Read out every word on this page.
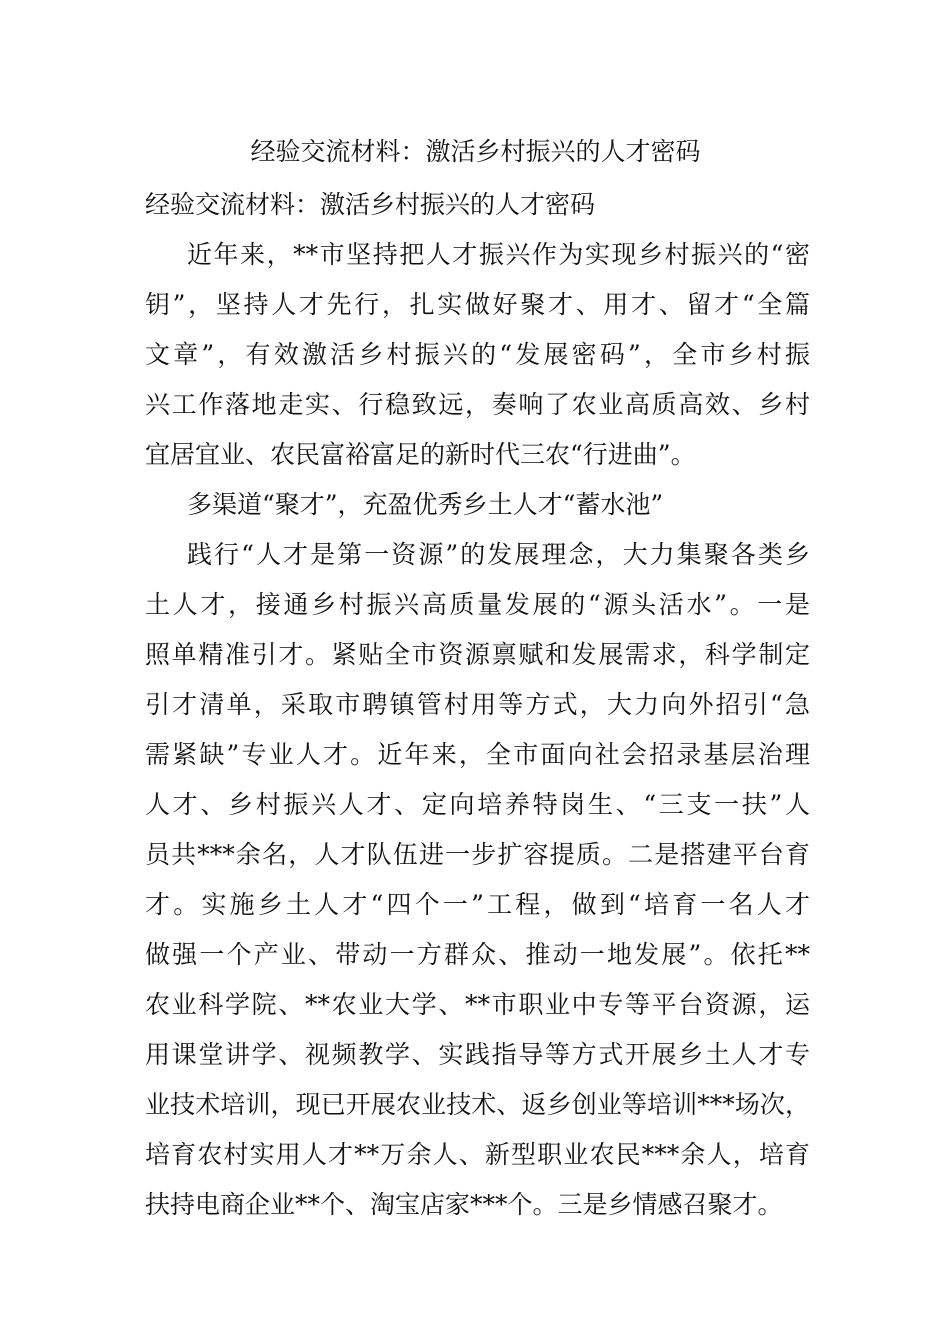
经验交流材料：激活乡村振兴的人才密码
经验交流材料：激活乡村振兴的人才密码
近年来，**市坚持把人才振兴作为实现乡村振兴的“密
钥”，坚持人才先行，扎实做好聚才、用才、留才“全篇
文章”，有效激活乡村振兴的“发展密码”，全市乡村振
兴工作落地走实、行稳致远，奏响了农业高质高效、乡村
宜居宜业、农民富裕富足的新时代三农“行进曲”。
多渠道“聚才”，充盈优秀乡土人才“蓄水池”
践行“人才是第一资源”的发展理念，大力集聚各类乡
土人才，接通乡村振兴高质量发展的“源头活水”。一是
照单精准引才。紧贴全市资源禀赋和发展需求，科学制定
引才清单，采取市聘镇管村用等方式，大力向外招引“急
需紧缺”专业人才。近年来，全市面向社会招录基层治理
人才、乡村振兴人才、定向培养特岗生、“三支一扶”人
员共***余名，人才队伍进一步扩容提质。二是搭建平台育
才。实施乡土人才“四个一”工程，做到“培育一名人才
做强一个产业、带动一方群众、推动一地发展”。依托**
农业科学院、**农业大学、**市职业中专等平台资源，运
用课堂讲学、视频教学、实践指导等方式开展乡土人才专
业技术培训，现已开展农业技术、返乡创业等培训***场次，
培育农村实用人才**万余人、新型职业农民***余人，培育
扶持电商企业**个、淘宝店家***个。三是乡情感召聚才。
